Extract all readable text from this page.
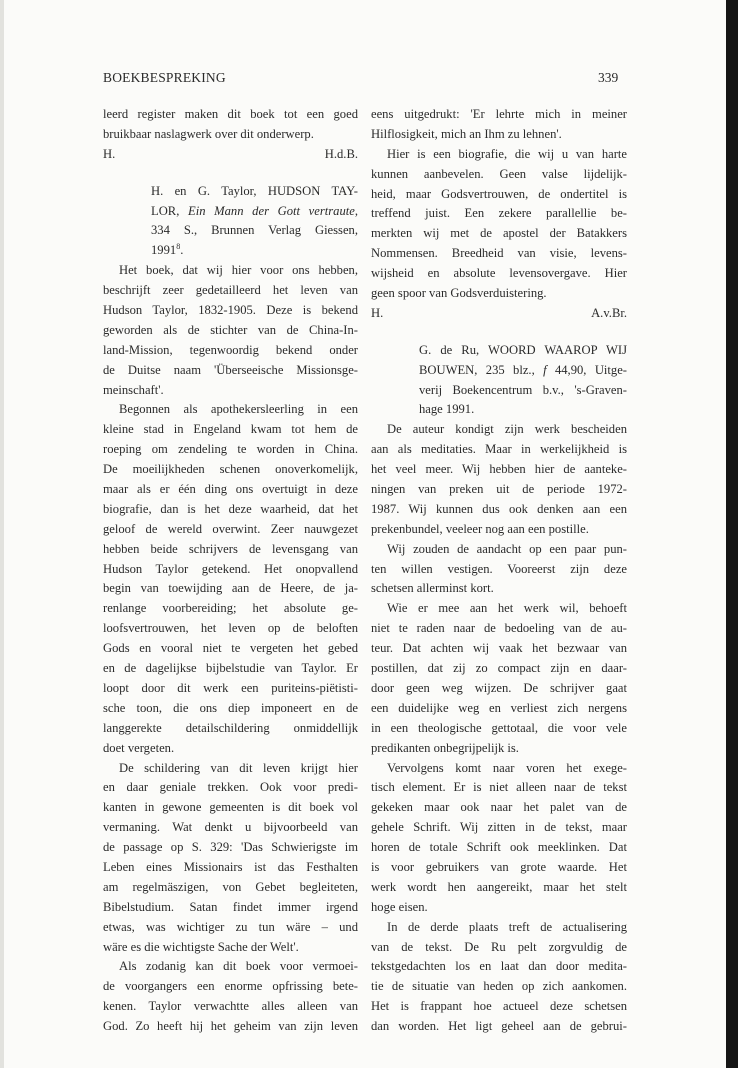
BOEKBESPREKING	339
leerd register maken dit boek tot een goed
bruikbaar naslagwerk over dit onderwerp.
H.	H.d.B.
H. en G. Taylor, HUDSON TAY-
LOR, Ein Mann der Gott vertraute,
334 S., Brunnen Verlag Giessen,
1991$^8$.
Het boek, dat wij hier voor ons hebben,
beschrijft zeer gedetailleerd het leven van
Hudson Taylor, 1832-1905. Deze is bekend
geworden als de stichter van de China-In-
land-Mission, tegenwoordig bekend onder
de Duitse naam 'Überseeische Missionsge-
meinschaft'.
Begonnen als apothekersleerling in een
kleine stad in Engeland kwam tot hem de
roeping om zendeling te worden in China.
De moeilijkheden schenen onoverkomelijk,
maar als er één ding ons overtuigt in deze
biografie, dan is het deze waarheid, dat het
geloof de wereld overwint. Zeer nauwgezet
hebben beide schrijvers de levensgang van
Hudson Taylor getekend. Het onopvallend
begin van toewijding aan de Heere, de ja-
renlange voorbereiding; het absolute ge-
loofsvertrouwen, het leven op de beloften
Gods en vooral niet te vergeten het gebed
en de dagelijkse bijbelstudie van Taylor. Er
loopt door dit werk een puriteins-piëtisti-
sche toon, die ons diep imponeert en de
langgerekte detailschildering onmiddellijk
doet vergeten.
De schildering van dit leven krijgt hier
en daar geniale trekken. Ook voor predi-
kanten in gewone gemeenten is dit boek vol
vermaning. Wat denkt u bijvoorbeeld van
de passage op S. 329: 'Das Schwierigste im
Leben eines Missionairs ist das Festhalten
am regelmäszigen, von Gebet begleiteten,
Bibelstudium. Satan findet immer irgend
etwas, was wichtiger zu tun wäre – und
wäre es die wichtigste Sache der Welt'.
Als zodanig kan dit boek voor vermoei-
de voorgangers een enorme opfrissing bete-
kenen. Taylor verwachtte alles alleen van
God. Zo heeft hij het geheim van zijn leven
eens uitgedrukt: 'Er lehrte mich in meiner
Hilflosigkeit, mich an Ihm zu lehnen'.
Hier is een biografie, die wij u van harte
kunnen aanbevelen. Geen valse lijdelijk-
heid, maar Godsvertrouwen, de ondertitel is
treffend juist. Een zekere parallellie be-
merkten wij met de apostel der Batakkers
Nommensen. Breedheid van visie, levens-
wijsheid en absolute levensovergave. Hier
geen spoor van Godsverduistering.
H.	A.v.Br.
G. de Ru, WOORD WAAROP WIJ
BOUWEN, 235 blz., f 44,90, Uitge-
verij Boekencentrum b.v., 's-Graven-
hage 1991.
De auteur kondigt zijn werk bescheiden
aan als meditaties. Maar in werkelijkheid is
het veel meer. Wij hebben hier de aanteke-
ningen van preken uit de periode 1972-
1987. Wij kunnen dus ook denken aan een
prekenbundel, veeleer nog aan een postille.
Wij zouden de aandacht op een paar pun-
ten willen vestigen. Vooreerst zijn deze
schetsen allerminst kort.
Wie er mee aan het werk wil, behoeft
niet te raden naar de bedoeling van de au-
teur. Dat achten wij vaak het bezwaar van
postillen, dat zij zo compact zijn en daar-
door geen weg wijzen. De schrijver gaat
een duidelijke weg en verliest zich nergens
in een theologische gettotaal, die voor vele
predikanten onbegrijpelijk is.
Vervolgens komt naar voren het exege-
tisch element. Er is niet alleen naar de tekst
gekeken maar ook naar het palet van de
gehele Schrift. Wij zitten in de tekst, maar
horen de totale Schrift ook meeklinken. Dat
is voor gebruikers van grote waarde. Het
werk wordt hen aangereikt, maar het stelt
hoge eisen.
In de derde plaats treft de actualisering
van de tekst. De Ru pelt zorgvuldig de
tekstgedachten los en laat dan door medita-
tie de situatie van heden op zich aankomen.
Het is frappant hoe actueel deze schetsen
dan worden. Het ligt geheel aan de gebrui-
